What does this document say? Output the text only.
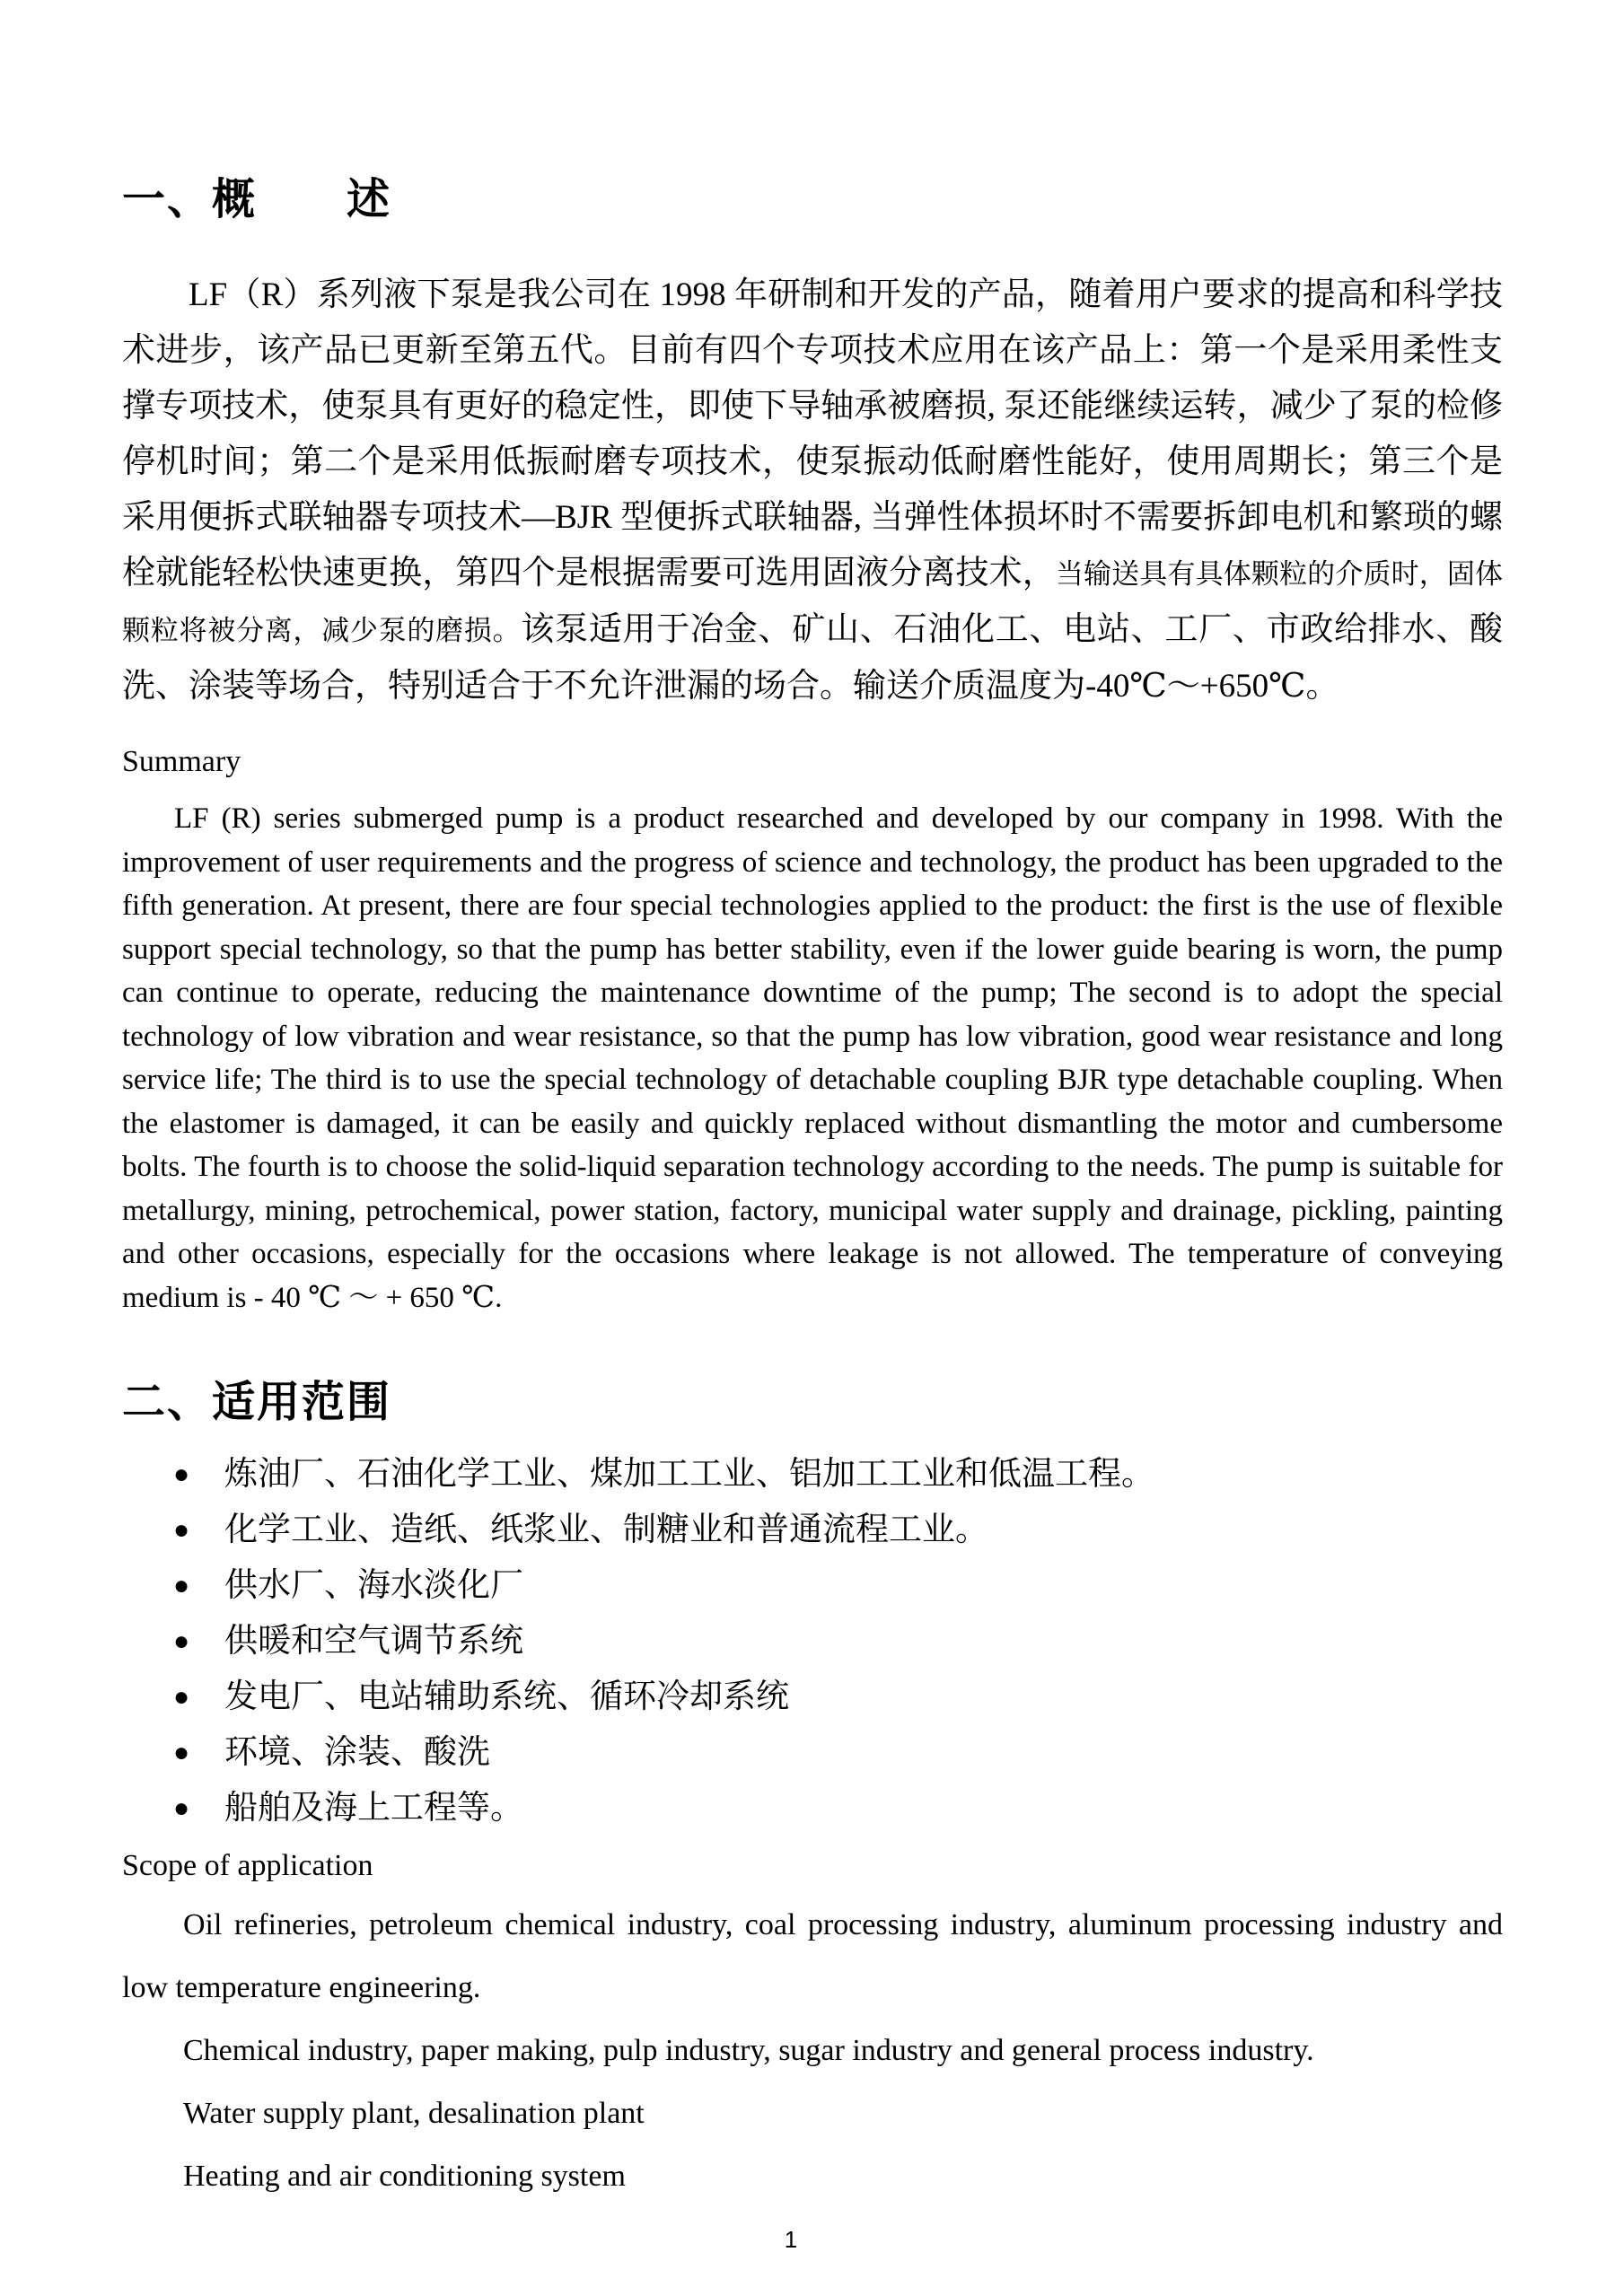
一、概　　述

LF（R）系列液下泵是我公司在 1998 年研制和开发的产品，随着用户要求的提高和科学技术进步，该产品已更新至第五代。目前有四个专项技术应用在该产品上：第一个是采用柔性支撑专项技术，使泵具有更好的稳定性，即使下导轴承被磨损, 泵还能继续运转，减少了泵的检修停机时间；第二个是采用低振耐磨专项技术，使泵振动低耐磨性能好，使用周期长；第三个是采用便拆式联轴器专项技术—BJR 型便拆式联轴器, 当弹性体损坏时不需要拆卸电机和繁琐的螺栓就能轻松快速更换，第四个是根据需要可选用固液分离技术，当输送具有具体颗粒的介质时，固体颗粒将被分离，减少泵的磨损。该泵适用于冶金、矿山、石油化工、电站、工厂、市政给排水、酸洗、涂装等场合，特别适合于不允许泄漏的场合。输送介质温度为-40℃～+650℃。

Summary

LF (R) series submerged pump is a product researched and developed by our company in 1998. With the improvement of user requirements and the progress of science and technology, the product has been upgraded to the fifth generation. At present, there are four special technologies applied to the product: the first is the use of flexible support special technology, so that the pump has better stability, even if the lower guide bearing is worn, the pump can continue to operate, reducing the maintenance downtime of the pump; The second is to adopt the special technology of low vibration and wear resistance, so that the pump has low vibration, good wear resistance and long service life; The third is to use the special technology of detachable coupling BJR type detachable coupling. When the elastomer is damaged, it can be easily and quickly replaced without dismantling the motor and cumbersome bolts. The fourth is to choose the solid-liquid separation technology according to the needs. The pump is suitable for metallurgy, mining, petrochemical, power station, factory, municipal water supply and drainage, pickling, painting and other occasions, especially for the occasions where leakage is not allowed. The temperature of conveying medium is - 40 ℃ ～ + 650 ℃.

二、适用范围
● 炼油厂、石油化学工业、煤加工工业、铝加工工业和低温工程。
● 化学工业、造纸、纸浆业、制糖业和普通流程工业。
● 供水厂、海水淡化厂
● 供暖和空气调节系统
● 发电厂、电站辅助系统、循环冷却系统
● 环境、涂装、酸洗
● 船舶及海上工程等。
Scope of application

Oil refineries, petroleum chemical industry, coal processing industry, aluminum processing industry and low temperature engineering.

Chemical industry, paper making, pulp industry, sugar industry and general process industry.

Water supply plant, desalination plant

Heating and air conditioning system

1
